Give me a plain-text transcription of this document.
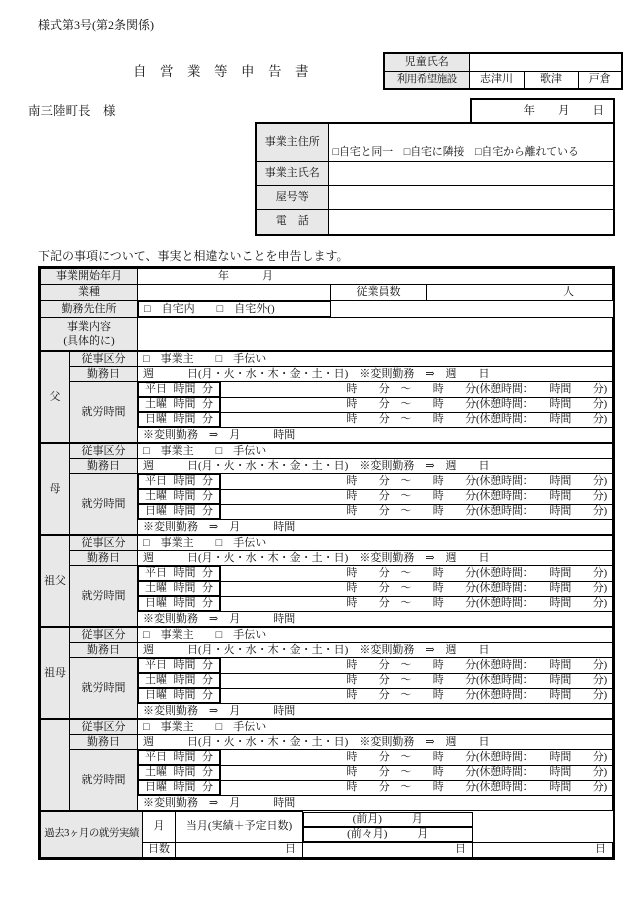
様式第3号(第2条関係)
自　営　業　等　申　告　書
児童氏名			
利用希望施設	志津川	歌津	戸倉
南三陸町長　様	年　　月　　日
事業主住所	□自宅と同一　□自宅に隣接　□自宅から離れている
事業主氏名	
屋号等	
電　話	
下記の事項について、事実と相違ないことを申告します。
事業開始年月	年　　　月		
業種		従業員数	人
勤務先住所		□　自宅内　　□　自宅外( )

事業内容
(具体的に)			

父	従事区分	□　事業主　　□　手伝い	
	勤務日	週　　　日(月・火・水・木・金・土・日)　※変則勤務　⇒　週　　日	
	就労時間	
平日 時間 分	時　　分　～　　時　　分(休憩時間：　　時間　　分)

土曜 時間 分	時　　分　～　　時　　分(休憩時間：　　時間　　分)

日曜 時間 分	時　　分　～　　時　　分(休憩時間：　　時間　　分)
		※変則勤務　⇒　月　　　時間	
母	従事区分	□　事業主　　□　手伝い	
	勤務日	週　　　日(月・火・水・木・金・土・日)　※変則勤務　⇒　週　　日	
	就労時間	
平日 時間 分	時　　分　～　　時　　分(休憩時間：　　時間　　分)

土曜 時間 分	時　　分　～　　時　　分(休憩時間：　　時間　　分)

日曜 時間 分	時　　分　～　　時　　分(休憩時間：　　時間　　分)
		※変則勤務　⇒　月　　　時間	
祖父	従事区分	□　事業主　　□　手伝い	
	勤務日	週　　　日(月・火・水・木・金・土・日)　※変則勤務　⇒　週　　日	
	就労時間	
平日 時間 分	時　　分　～　　時　　分(休憩時間：　　時間　　分)

土曜 時間 分	時　　分　～　　時　　分(休憩時間：　　時間　　分)

日曜 時間 分	時　　分　～　　時　　分(休憩時間：　　時間　　分)
		※変則勤務　⇒　月　　　時間	
祖母	従事区分	□　事業主　　□　手伝い	
	勤務日	週　　　日(月・火・水・木・金・土・日)　※変則勤務　⇒　週　　日	
	就労時間	
平日 時間 分	時　　分　～　　時　　分(休憩時間：　　時間　　分)

土曜 時間 分	時　　分　～　　時　　分(休憩時間：　　時間　　分)

日曜 時間 分	時　　分　～　　時　　分(休憩時間：　　時間　　分)
		※変則勤務　⇒　月　　　時間	
	従事区分	□　事業主　　□　手伝い	
	勤務日	週　　　日(月・火・水・木・金・土・日)　※変則勤務　⇒　週　　日	
	就労時間	
平日 時間 分	時　　分　～　　時　　分(休憩時間：　　時間　　分)

土曜 時間 分	時　　分　～　　時　　分(休憩時間：　　時間　　分)

日曜 時間 分	時　　分　～　　時　　分(休憩時間：　　時間　　分)
		※変則勤務　⇒　月　　　時間	
過去3ヶ月の就労実績	月	当月(実績＋予定日数)	
(前月)	月
(前々月)	月

	日数	日	日	日
